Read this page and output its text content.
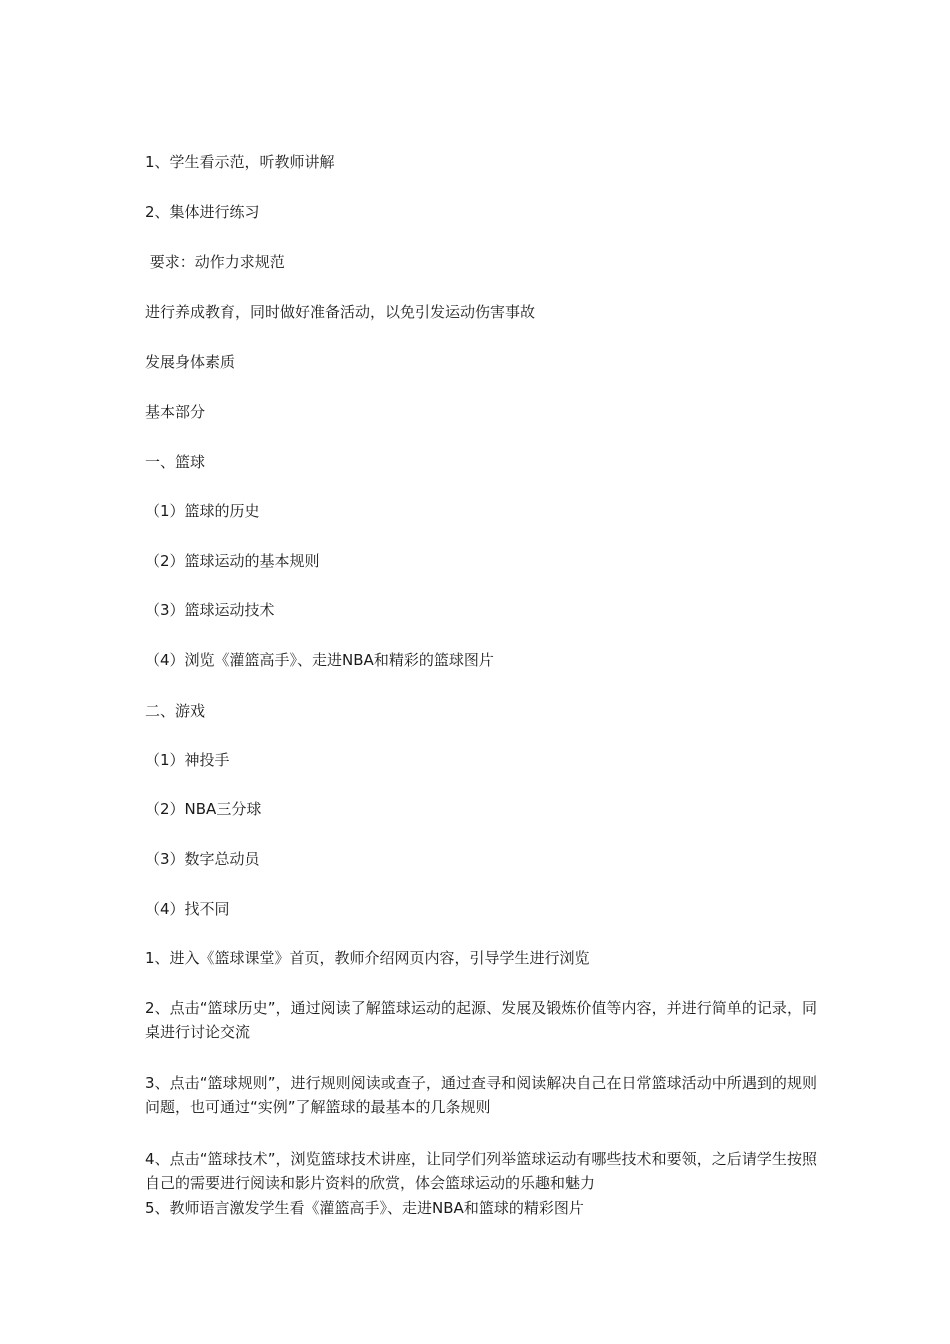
1、学生看示范，听教师讲解
2、集体进行练习
要求：动作力求规范
进行养成教育，同时做好准备活动，以免引发运动伤害事故
发展身体素质
基本部分
一、篮球
（1）篮球的历史
（2）篮球运动的基本规则
（3）篮球运动技术
（4）浏览《灌篮高手》、走进NBA和精彩的篮球图片
二、游戏
（1）神投手
（2）NBA三分球
（3）数字总动员
（4）找不同
1、进入《篮球课堂》首页，教师介绍网页内容，引导学生进行浏览
2、点击“篮球历史”，通过阅读了解篮球运动的起源、发展及锻炼价值等内容，并进行简单的记录，同桌进行讨论交流
3、点击“篮球规则”，进行规则阅读或查子，通过查寻和阅读解决自己在日常篮球活动中所遇到的规则问题，也可通过“实例”了解篮球的最基本的几条规则
4、点击“篮球技术”，浏览篮球技术讲座，让同学们列举篮球运动有哪些技术和要领，之后请学生按照自己的需要进行阅读和影片资料的欣赏，体会篮球运动的乐趣和魅力
5、教师语言激发学生看《灌篮高手》、走进NBA和篮球的精彩图片
